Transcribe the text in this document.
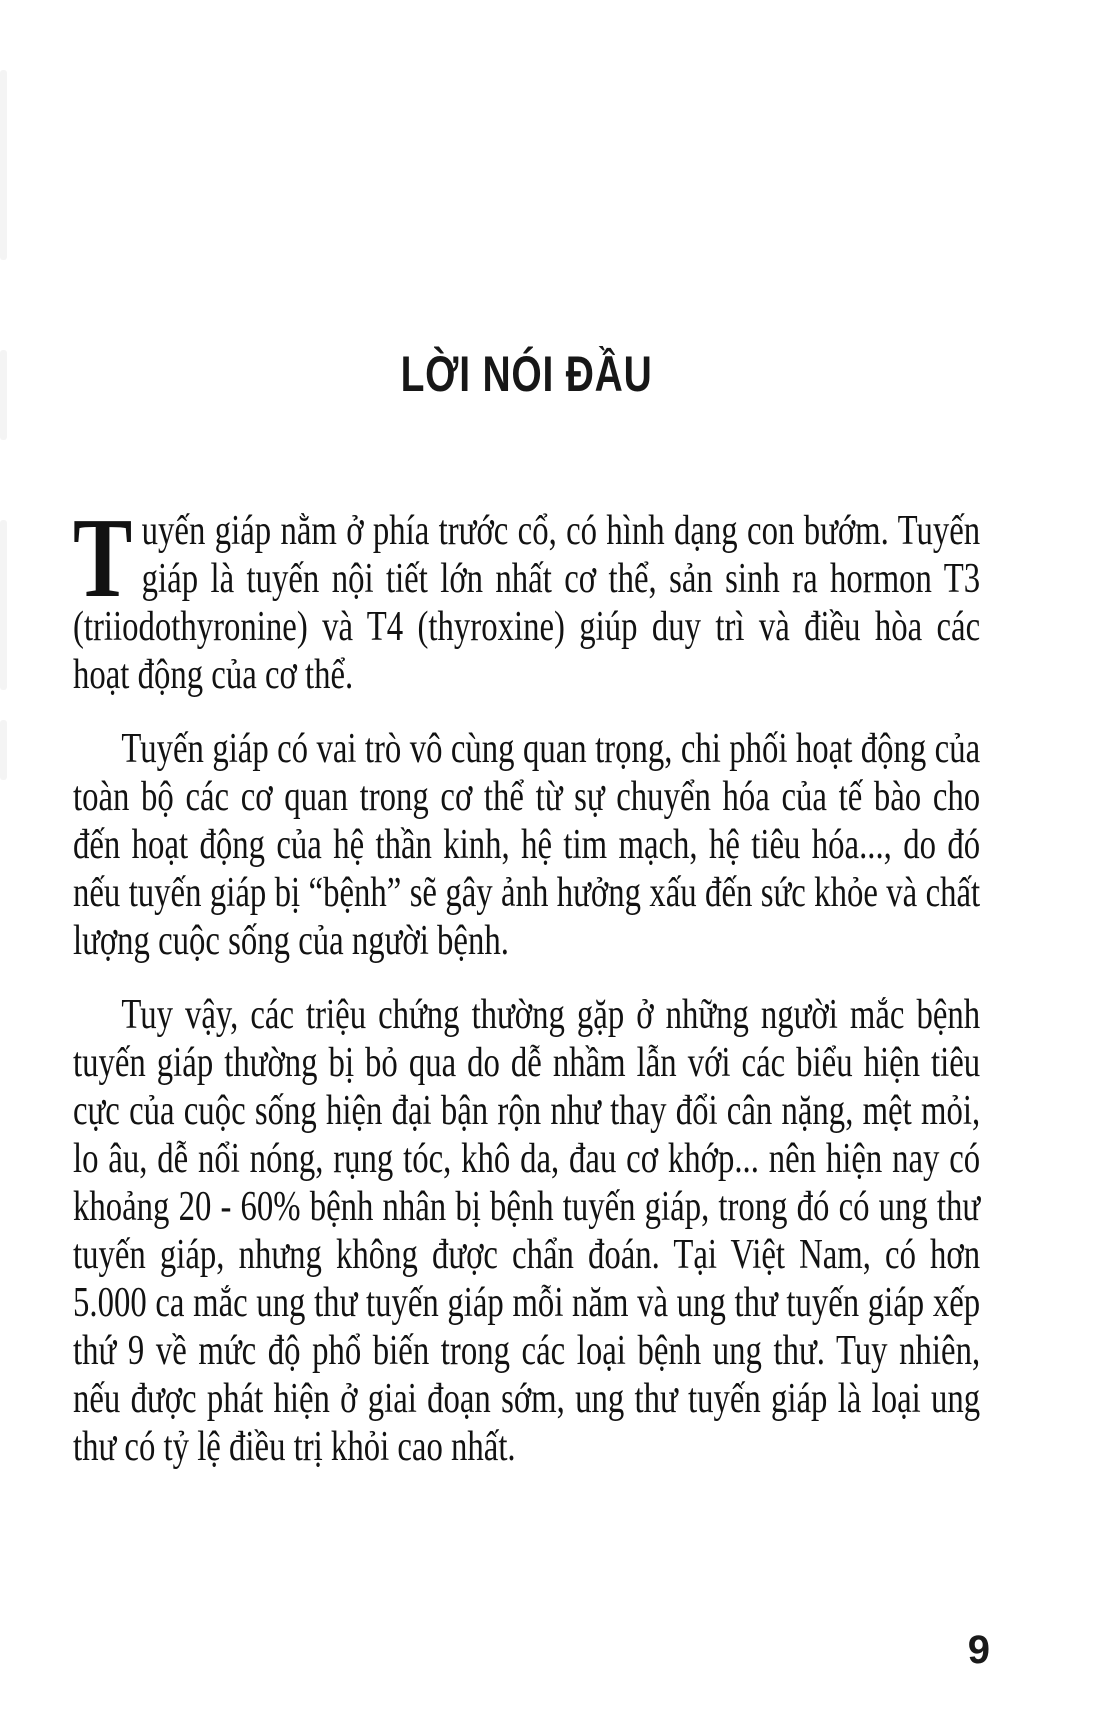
LỜI NÓI ĐẦU

Tuyến giáp nằm ở phía trước cổ, có hình dạng con bướm. Tuyến giáp là tuyến nội tiết lớn nhất cơ thể, sản sinh ra hormon T3 (triiodothyronine) và T4 (thyroxine) giúp duy trì và điều hòa các hoạt động của cơ thể.

Tuyến giáp có vai trò vô cùng quan trọng, chi phối hoạt động của toàn bộ các cơ quan trong cơ thể từ sự chuyển hóa của tế bào cho đến hoạt động của hệ thần kinh, hệ tim mạch, hệ tiêu hóa..., do đó nếu tuyến giáp bị “bệnh” sẽ gây ảnh hưởng xấu đến sức khỏe và chất lượng cuộc sống của người bệnh.

Tuy vậy, các triệu chứng thường gặp ở những người mắc bệnh tuyến giáp thường bị bỏ qua do dễ nhầm lẫn với các biểu hiện tiêu cực của cuộc sống hiện đại bận rộn như thay đổi cân nặng, mệt mỏi, lo âu, dễ nổi nóng, rụng tóc, khô da, đau cơ khớp... nên hiện nay có khoảng 20 - 60% bệnh nhân bị bệnh tuyến giáp, trong đó có ung thư tuyến giáp, nhưng không được chẩn đoán. Tại Việt Nam, có hơn 5.000 ca mắc ung thư tuyến giáp mỗi năm và ung thư tuyến giáp xếp thứ 9 về mức độ phổ biến trong các loại bệnh ung thư. Tuy nhiên, nếu được phát hiện ở giai đoạn sớm, ung thư tuyến giáp là loại ung thư có tỷ lệ điều trị khỏi cao nhất.

9
